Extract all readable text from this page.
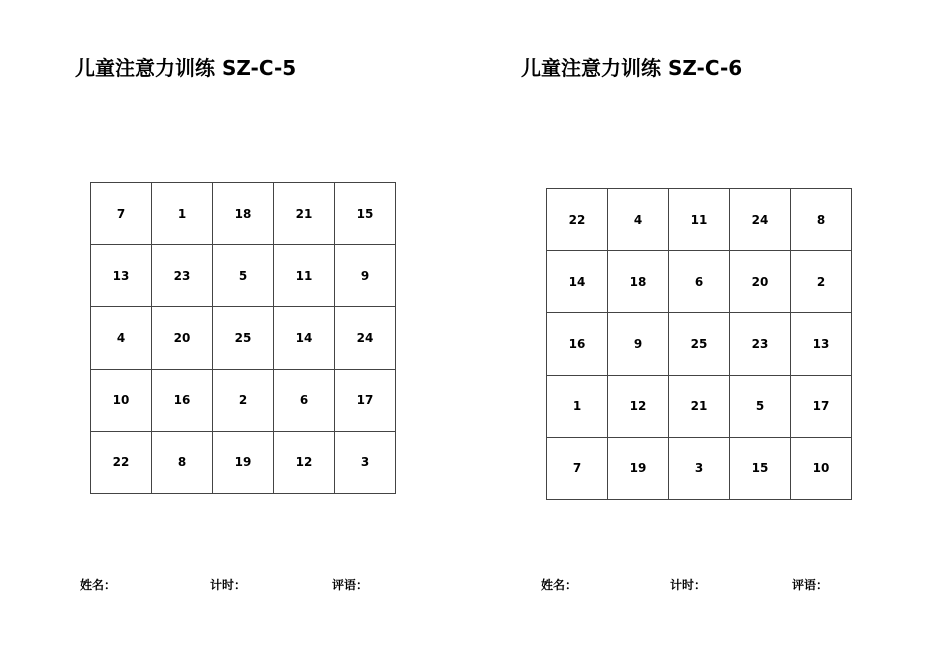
儿童注意力训练 SZ-C-5	儿童注意力训练 SZ-C-6
7	1	18	21	15
13	23	5	11	9
4	20	25	14	24
10	16	2	6	17
22	8	19	12	3
22	4	11	24	8
14	18	6	20	2
16	9	25	23	13
1	12	21	5	17
7	19	3	15	10
姓名：	计时：	评语：	姓名：	计时：	评语：
